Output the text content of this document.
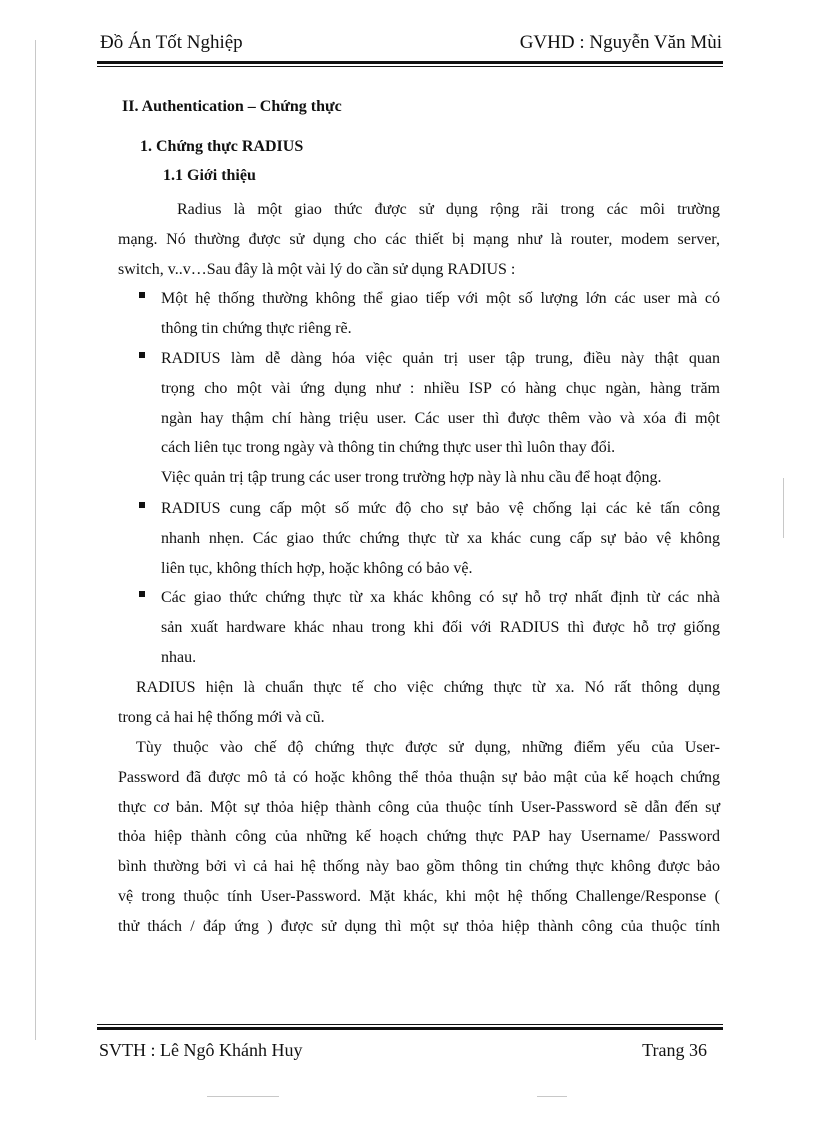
Đồ Án Tốt Nghiệp	GVHD : Nguyễn Văn Mùi
II. Authentication – Chứng thực
1. Chứng thực RADIUS
1.1 Giới thiệu
Radius là một giao thức được sử dụng rộng rãi trong các môi trường
mạng. Nó thường được sử dụng cho các thiết bị mạng như là router, modem server,
switch, v..v…Sau đây là một vài lý do cần sử dụng RADIUS :
Một hệ thống thường không thể giao tiếp với một số lượng lớn các user mà có
thông tin chứng thực riêng rẽ.
RADIUS làm dễ dàng hóa việc quản trị user tập trung, điều này thật quan
trọng cho một vài ứng dụng như : nhiều ISP có hàng chục ngàn, hàng trăm
ngàn hay thậm chí hàng triệu user. Các user thì được thêm vào và xóa đi một
cách liên tục trong ngày và thông tin chứng thực user thì luôn thay đổi.
Việc quản trị tập trung các user trong trường hợp này là nhu cầu để hoạt động.
RADIUS cung cấp một số mức độ cho sự bảo vệ chống lại các kẻ tấn công
nhanh nhẹn. Các giao thức chứng thực từ xa khác cung cấp sự bảo vệ không
liên tục, không thích hợp, hoặc không có bảo vệ.
Các giao thức chứng thực từ xa khác không có sự hỗ trợ nhất định từ các nhà
sản xuất hardware khác nhau trong khi đối với RADIUS thì được hỗ trợ giống
nhau.
RADIUS hiện là chuẩn thực tế cho việc chứng thực từ xa. Nó rất thông dụng
trong cả hai hệ thống mới và cũ.
Tùy thuộc vào chế độ chứng thực được sử dụng, những điểm yếu của User-
Password đã được mô tả có hoặc không thể thỏa thuận sự bảo mật của kế hoạch chứng
thực cơ bản. Một sự thỏa hiệp thành công của thuộc tính User-Password sẽ dẫn đến sự
thỏa hiệp thành công của những kế hoạch chứng thực PAP hay Username/ Password
bình thường bởi vì cả hai hệ thống này bao gồm thông tin chứng thực không được bảo
vệ trong thuộc tính User-Password. Mặt khác, khi một hệ thống Challenge/Response (
thử thách / đáp ứng ) được sử dụng thì một sự thỏa hiệp thành công của thuộc tính
SVTH : Lê Ngô Khánh Huy	Trang 36
